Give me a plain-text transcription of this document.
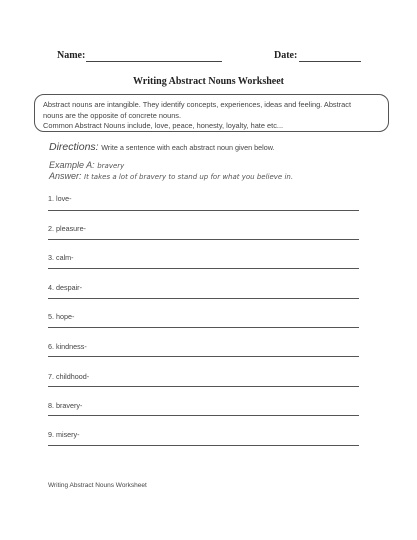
Name:	Date:
Writing Abstract Nouns Worksheet
Abstract nouns are intangible. They identify concepts, experiences, ideas and feeling. Abstract
nouns are the opposite of concrete nouns.
Common Abstract Nouns include, love, peace, honesty, loyalty, hate etc...
Directions: Write a sentence with each abstract noun given below.
Example A: bravery
Answer: It takes a lot of bravery to stand up for what you believe in.
1. love-
2. pleasure-
3. calm-
4. despair-
5. hope-
6. kindness-
7. childhood-
8. bravery-
9. misery-
Writing Abstract Nouns Worksheet
